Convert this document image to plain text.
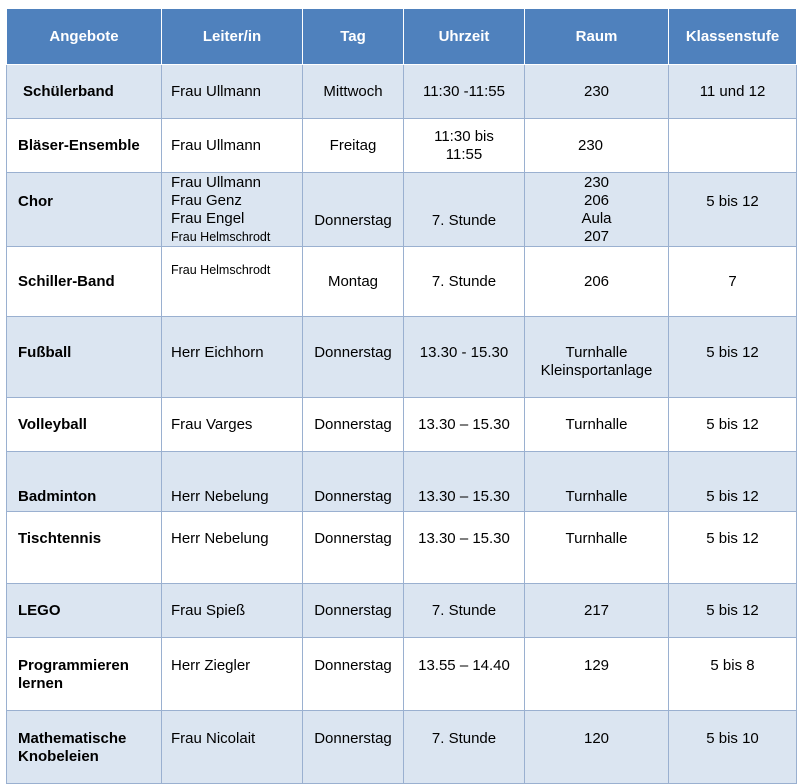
Angebote	Leiter/in	Tag	Uhrzeit	Raum	Klassenstufe
Schülerband	Frau Ullmann	Mittwoch	11:30 -11:55	230	11 und 12
Bläser-Ensemble	Frau Ullmann	Freitag	11:30 bis
11:55	230	
Chor	Frau Ullmann
Frau Genz
Frau Engel
Frau Helmschrodt	Donnerstag	7. Stunde	230
206
Aula
207	5 bis 12
Schiller-Band	Frau Helmschrodt	Montag	7. Stunde	206	7
Fußball	Herr Eichhorn	Donnerstag	13.30 - 15.30	Turnhalle
Kleinsportanlage	5 bis 12
Volleyball	Frau Varges	Donnerstag	13.30 – 15.30	Turnhalle	5 bis 12
Badminton	Herr Nebelung	Donnerstag	13.30 – 15.30	Turnhalle	5 bis 12
Tischtennis	Herr Nebelung	Donnerstag	13.30 – 15.30	Turnhalle	5 bis 12
LEGO	Frau Spieß	Donnerstag	7. Stunde	217	5 bis 12

Programmieren
lernen	Herr Ziegler	Donnerstag	13.55 – 14.40	129	5 bis 8

Mathematische
Knobeleien	Frau Nicolait	Donnerstag	7. Stunde	120	5 bis 10
